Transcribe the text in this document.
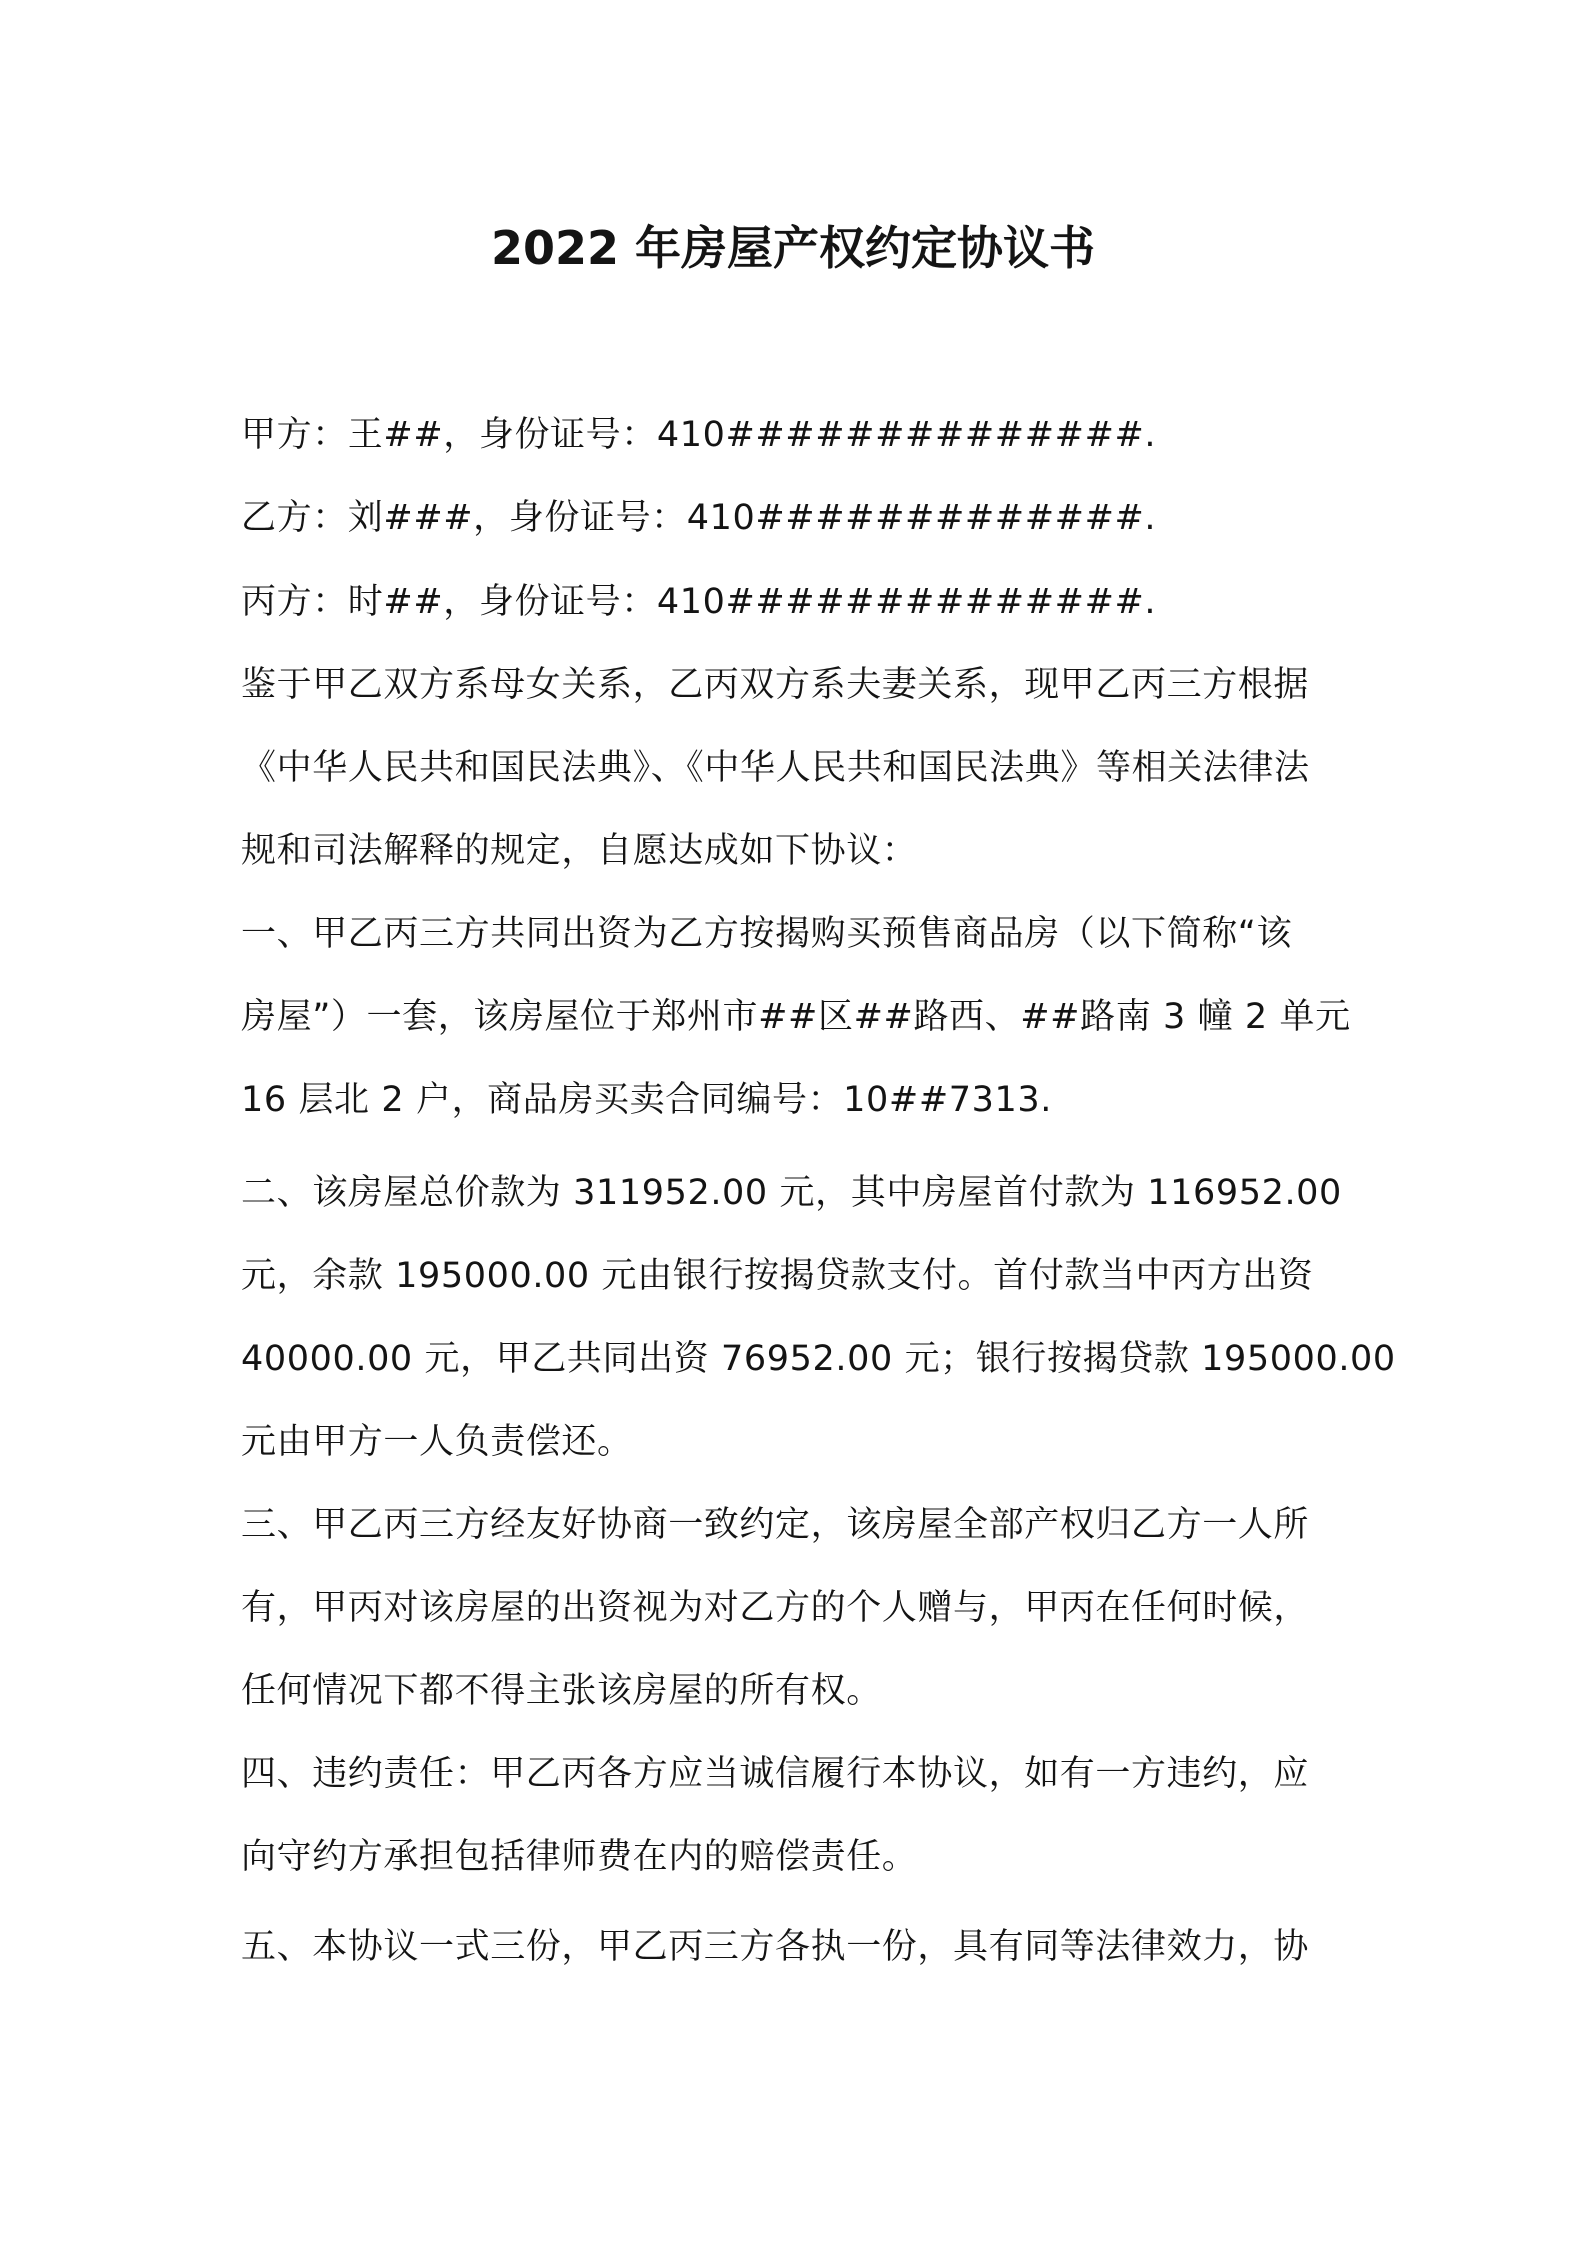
2022 年房屋产权约定协议书
甲方：王##，身份证号：410##############.
乙方：刘###，身份证号：410#############.
丙方：时##，身份证号：410##############.
鉴于甲乙双方系母女关系，乙丙双方系夫妻关系，现甲乙丙三方根据
《中华人民共和国民法典》、《中华人民共和国民法典》等相关法律法
规和司法解释的规定，自愿达成如下协议：
一、甲乙丙三方共同出资为乙方按揭购买预售商品房（以下简称“该
房屋”）一套，该房屋位于郑州市##区##路西、##路南 3 幢 2 单元
16 层北 2 户，商品房买卖合同编号：10##7313.
二、该房屋总价款为 311952.00 元，其中房屋首付款为 116952.00
元，余款 195000.00 元由银行按揭贷款支付。首付款当中丙方出资
40000.00 元，甲乙共同出资 76952.00 元；银行按揭贷款 195000.00
元由甲方一人负责偿还。
三、甲乙丙三方经友好协商一致约定，该房屋全部产权归乙方一人所
有，甲丙对该房屋的出资视为对乙方的个人赠与，甲丙在任何时候，
任何情况下都不得主张该房屋的所有权。
四、违约责任：甲乙丙各方应当诚信履行本协议，如有一方违约，应
向守约方承担包括律师费在内的赔偿责任。
五、本协议一式三份，甲乙丙三方各执一份，具有同等法律效力，协
